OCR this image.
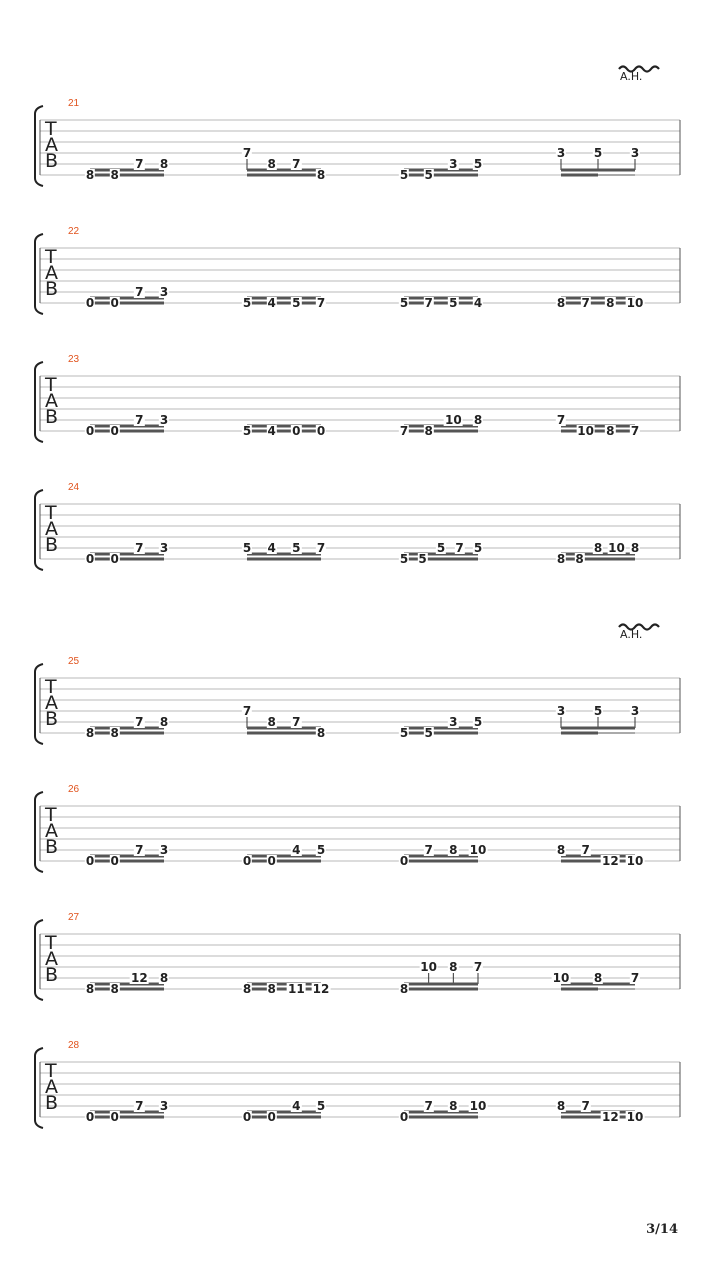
3/14
21
T
A
B
8 8
7 8
7
8 7
8	5 5
3 5
3 5 3
A.H.
22
T
A
B
0 0
7 3
5 4 5 7	5 7 5 4	8 7 8 10
23
T
A
B
0 0
7 3
5 4 0 0	7 8
10 8	7
10 8 7
24
T
A
B
0 0
7 3	5 4 5 7
5 5
5 7 5
8 8
8 10 8
25
T
A
B
8 8
7 8
7
8 7
8	5 5
3 5
3 5 3
A.H.
26
T
A
B
0 0
7 3
0 0
4 5
0
7 8 10	8 7
12 10
27
T
A
B
8 8
12 8
8 8 11 12	8
10 8 7
10 8 7
28
T
A
B
0 0
7 3
0 0
4 5
0
7 8 10	8 7
12 10
